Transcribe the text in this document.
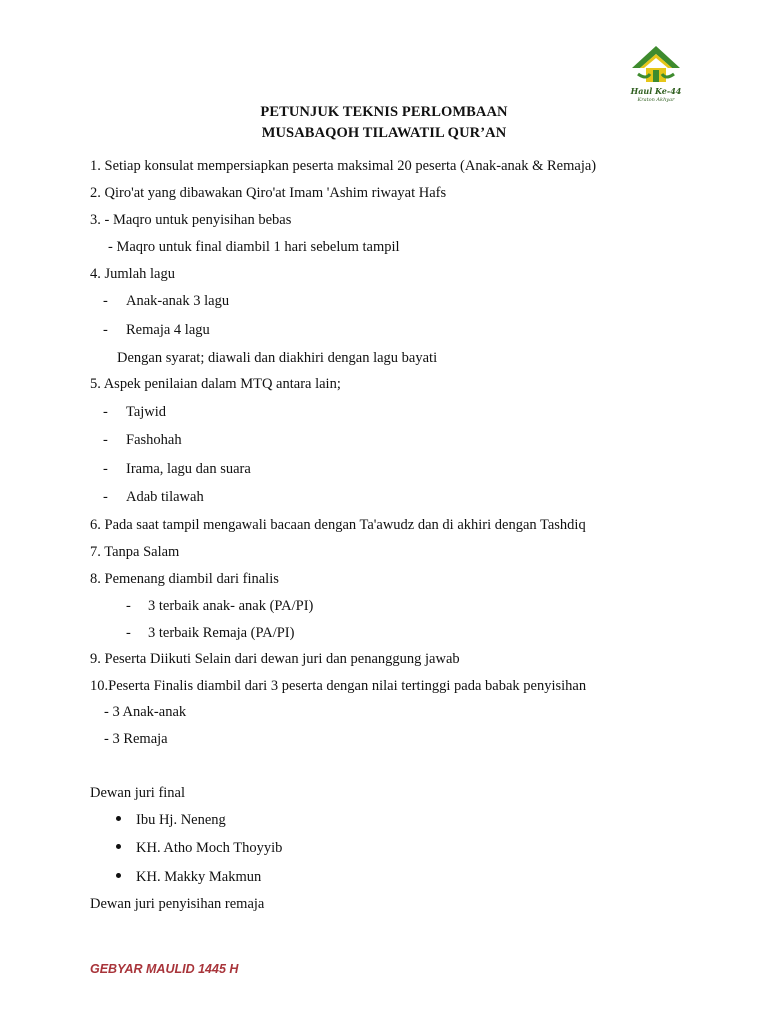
Haul Ke-44
Kraton Akhyar
PETUNJUK TEKNIS PERLOMBAAN
MUSABAQOH TILAWATIL QUR’AN
1. Setiap konsulat mempersiapkan peserta maksimal 20 peserta (Anak-anak & Remaja)
2. Qiro'at yang dibawakan Qiro'at Imam 'Ashim riwayat Hafs
3. - Maqro untuk penyisihan bebas
- Maqro untuk final diambil 1 hari sebelum tampil
4. Jumlah lagu
- Anak-anak 3 lagu
- Remaja 4 lagu
Dengan syarat; diawali dan diakhiri dengan lagu bayati
5. Aspek penilaian dalam MTQ antara lain;
- Tajwid
- Fashohah
- Irama, lagu dan suara
- Adab tilawah
6. Pada saat tampil mengawali bacaan dengan Ta'awudz dan di akhiri dengan Tashdiq
7. Tanpa Salam
8. Pemenang diambil dari finalis
- 3 terbaik anak- anak (PA/PI)
- 3 terbaik Remaja (PA/PI)
9. Peserta Diikuti Selain dari dewan juri dan penanggung jawab
10.Peserta Finalis diambil dari 3 peserta dengan nilai tertinggi pada babak penyisihan
- 3 Anak-anak
- 3 Remaja
Dewan juri final
Ibu Hj. Neneng
KH. Atho Moch Thoyyib
KH. Makky Makmun
Dewan juri penyisihan remaja
GEBYAR MAULID 1445 H
